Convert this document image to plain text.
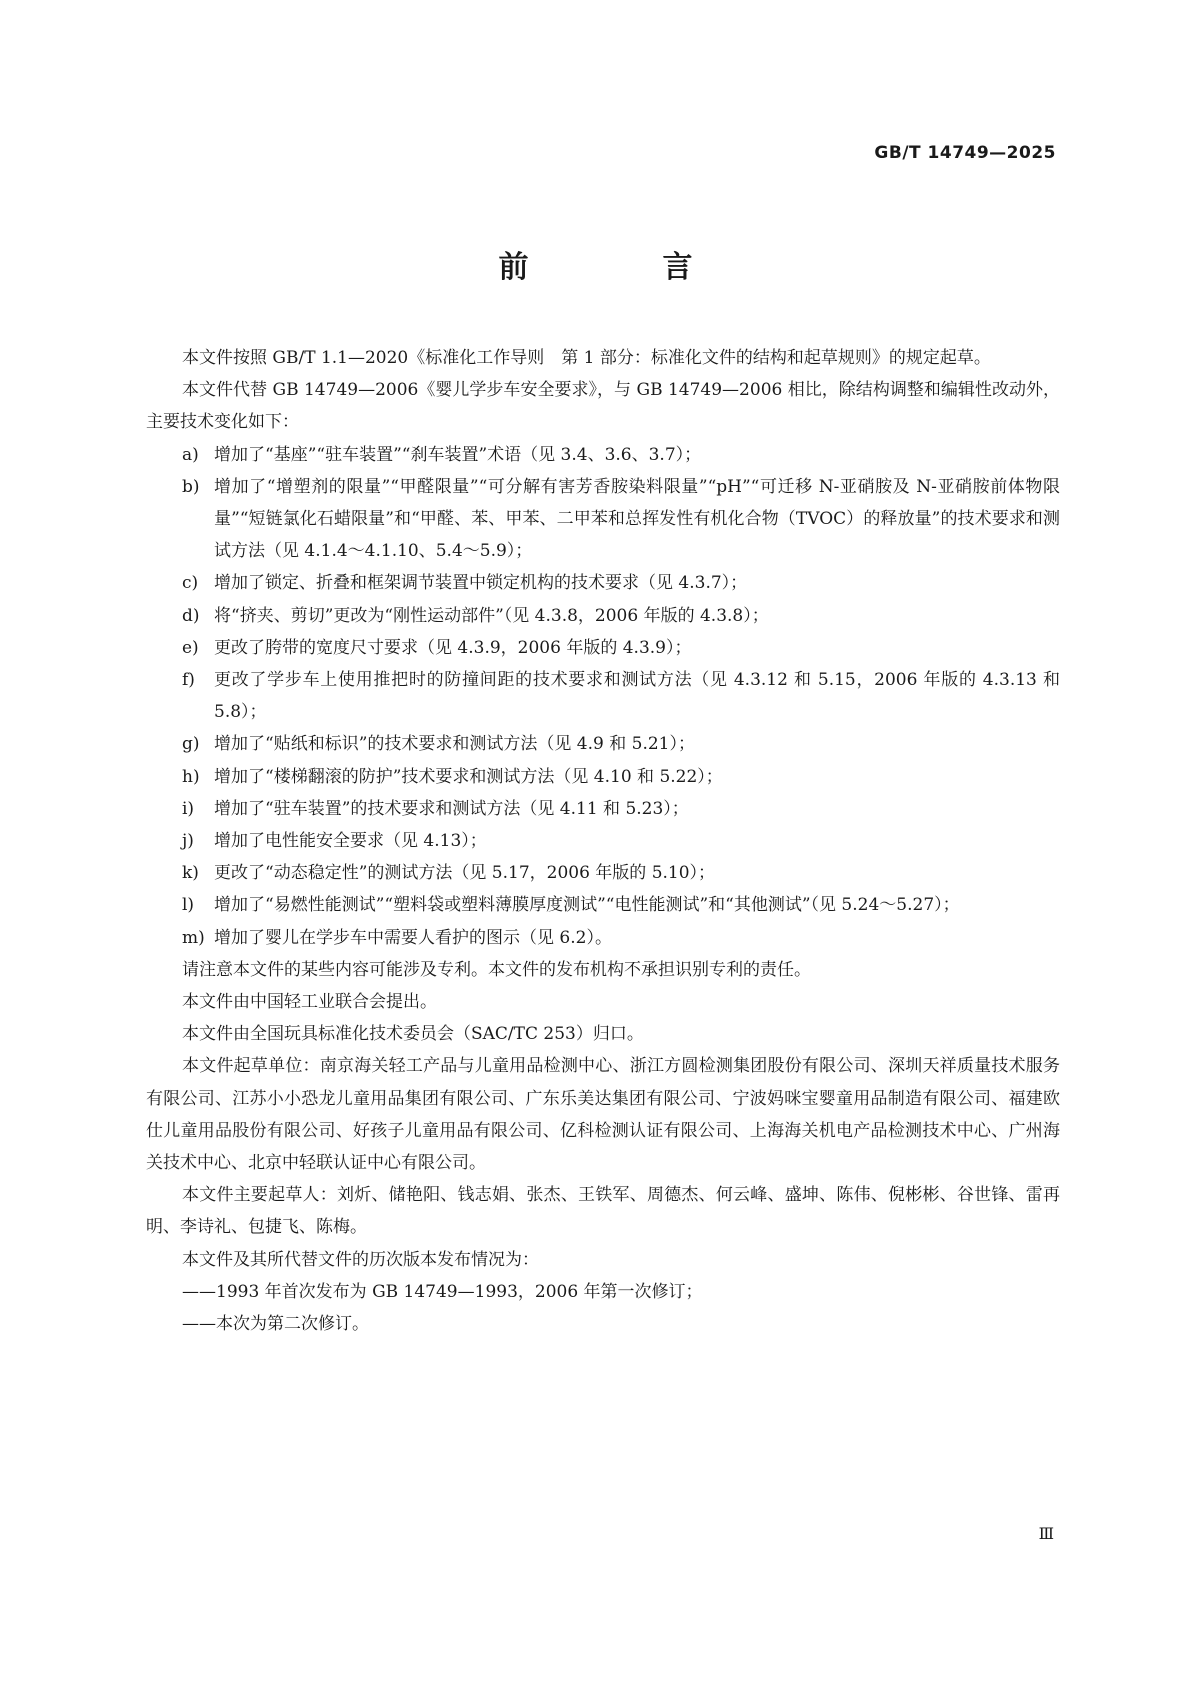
GB/T 14749—2025
前　言

本文件按照 GB/T 1.1—2020《标准化工作导则　第 1 部分：标准化文件的结构和起草规则》的规定起草。

本文件代替 GB 14749—2006《婴儿学步车安全要求》，与 GB 14749—2006 相比，除结构调整和编辑性改动外，主要技术变化如下：

a) 增加了“基座”“驻车装置”“刹车装置”术语（见 3.4、3.6、3.7）；
b) 增加了“增塑剂的限量”“甲醛限量”“可分解有害芳香胺染料限量”“pH”“可迁移 N-亚硝胺及 N-亚硝胺前体物限量”“短链氯化石蜡限量”和“甲醛、苯、甲苯、二甲苯和总挥发性有机化合物（TVOC）的释放量”的技术要求和测试方法（见 4.1.4～4.1.10、5.4～5.9）；
c) 增加了锁定、折叠和框架调节装置中锁定机构的技术要求（见 4.3.7）；
d) 将“挤夹、剪切”更改为“刚性运动部件”（见 4.3.8，2006 年版的 4.3.8）；
e) 更改了胯带的宽度尺寸要求（见 4.3.9，2006 年版的 4.3.9）；
f) 更改了学步车上使用推把时的防撞间距的技术要求和测试方法（见 4.3.12 和 5.15，2006 年版的 4.3.13 和 5.8）；
g) 增加了“贴纸和标识”的技术要求和测试方法（见 4.9 和 5.21）；
h) 增加了“楼梯翻滚的防护”技术要求和测试方法（见 4.10 和 5.22）；
i) 增加了“驻车装置”的技术要求和测试方法（见 4.11 和 5.23）；
j) 增加了电性能安全要求（见 4.13）；
k) 更改了“动态稳定性”的测试方法（见 5.17，2006 年版的 5.10）；
l) 增加了“易燃性能测试”“塑料袋或塑料薄膜厚度测试”“电性能测试”和“其他测试”（见 5.24～5.27）；
m) 增加了婴儿在学步车中需要人看护的图示（见 6.2）。

请注意本文件的某些内容可能涉及专利。本文件的发布机构不承担识别专利的责任。

本文件由中国轻工业联合会提出。

本文件由全国玩具标准化技术委员会（SAC/TC 253）归口。

本文件起草单位：南京海关轻工产品与儿童用品检测中心、浙江方圆检测集团股份有限公司、深圳天祥质量技术服务有限公司、江苏小小恐龙儿童用品集团有限公司、广东乐美达集团有限公司、宁波妈咪宝婴童用品制造有限公司、福建欧仕儿童用品股份有限公司、好孩子儿童用品有限公司、亿科检测认证有限公司、上海海关机电产品检测技术中心、广州海关技术中心、北京中轻联认证中心有限公司。

本文件主要起草人：刘炘、储艳阳、钱志娟、张杰、王铁军、周德杰、何云峰、盛坤、陈伟、倪彬彬、谷世锋、雷再明、李诗礼、包捷飞、陈梅。

本文件及其所代替文件的历次版本发布情况为：

——1993 年首次发布为 GB 14749—1993，2006 年第一次修订；

——本次为第二次修订。

Ⅲ
